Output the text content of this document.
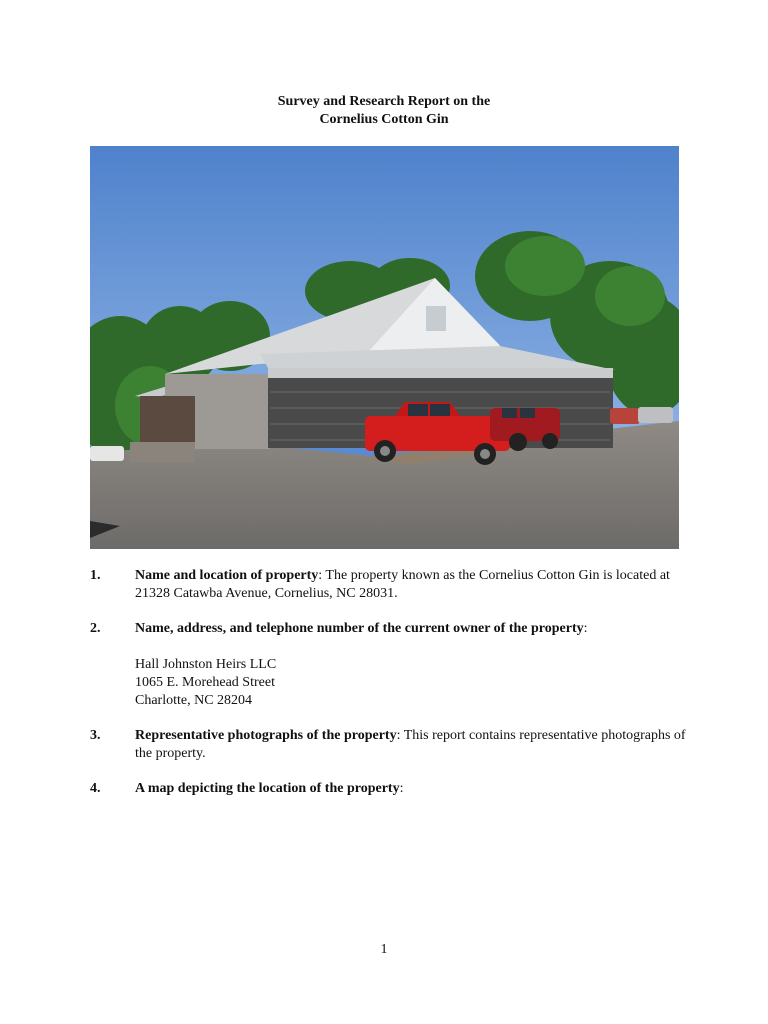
Survey and Research Report on the
Cornelius Cotton Gin
1. Name and location of property: The property known as the Cornelius Cotton Gin is located at 21328 Catawba Avenue, Cornelius, NC 28031.
2. Name, address, and telephone number of the current owner of the property:
Hall Johnston Heirs LLC
1065 E. Morehead Street
Charlotte, NC 28204
3. Representative photographs of the property: This report contains representative photographs of the property.
4. A map depicting the location of the property:
1
